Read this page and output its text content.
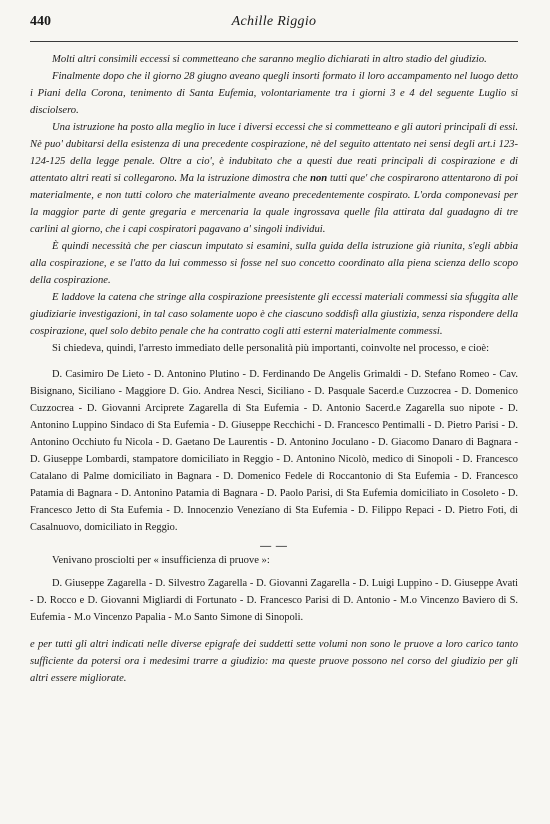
440	Achille Riggio

Molti altri consimili eccessi si commetteano che saranno meglio dichiarati in altro stadio del giudizio.

Finalmente dopo che il giorno 28 giugno aveano quegli insorti formato il loro accampamento nel luogo detto i Piani della Corona, tenimento di Santa Eufemia, volontariamente tra i giorni 3 e 4 del seguente Luglio si disciolsero.

Una istruzione ha posto alla meglio in luce i diversi eccessi che si commetteano e gli autori principali di essi. Nè puo' dubitarsi della esistenza di una precedente cospirazione, nè del seguito attentato nei sensi degli art.i 123-124-125 della legge penale. Oltre a cio', è indubitato che a questi due reati principali di cospirazione e di attentato altri reati si collegarono. Ma la istruzione dimostra che non tutti que' che cospirarono attentarono di poi materialmente, e non tutti coloro che materialmente aveano precedentemente cospirato. L'orda componevasi per la maggior parte di gente gregaria e mercenaria la quale ingrossava quelle fila attirata dal guadagno di tre carlini al giorno, che i capi cospiratori pagavano a' singoli individui.

È quindi necessità che per ciascun imputato si esamini, sulla guida della istruzione già riunita, s'egli abbia alla cospirazione, e se l'atto da lui commesso si fosse nel suo concetto coordinato alla piena scienza dello scopo della cospirazione.

E laddove la catena che stringe alla cospirazione preesistente gli eccessi materiali commessi sia sfuggita alle giudiziarie investigazioni, in tal caso solamente uopo è che ciascuno soddisfi alla giustizia, senza rispondere della cospirazione, quel solo debito penale che ha contratto cogli atti esterni materialmente commessi.

Si chiedeva, quindi, l'arresto immediato delle personalità più importanti, coinvolte nel processo, e cioè:

D. Casimiro De Lieto - D. Antonino Plutino - D. Ferdinando De Angelis Grimaldi - D. Stefano Romeo - Cav. Bisignano, Siciliano - Maggiore D. Gio. Andrea Nesci, Siciliano - D. Pasquale Sacerd.e Cuzzocrea - D. Domenico Cuzzocrea - D. Giovanni Arciprete Zagarella di Sta Eufemia - D. Antonio Sacerd.e Zagarella suo nipote - D. Antonino Luppino Sindaco di Sta Eufemia - D. Giuseppe Recchichi - D. Francesco Pentimalli - D. Pietro Parisi - D. Antonino Occhiuto fu Nicola - D. Gaetano De Laurentis - D. Antonino Joculano - D. Giacomo Danaro di Bagnara - D. Giuseppe Lombardi, stampatore domiciliato in Reggio - D. Antonino Nicolò, medico di Sinopoli - D. Francesco Catalano di Palme domiciliato in Bagnara - D. Domenico Fedele di Roccantonio di Sta Eufemia - D. Francesco Patamia di Bagnara - D. Antonino Patamia di Bagnara - D. Paolo Parisi, di Sta Eufemia domiciliato in Cosoleto - D. Francesco Jetto di Sta Eufemia - D. Innocenzio Venezíano di Sta Eufemia - D. Filippo Repaci - D. Pietro Foti, di Casalnuovo, domiciliato in Reggio.

— —

Venivano prosciolti per « insufficienza di pruove »:

D. Giuseppe Zagarella - D. Silvestro Zagarella - D. Giovanni Zagarella - D. Luigi Luppino - D. Giuseppe Avati - D. Rocco e D. Giovanni Migliardi di Fortunato - D. Francesco Parisi di D. Antonio - M.o Vincenzo Baviero di S. Eufemia - M.o Vincenzo Papalia - M.o Santo Simone di Sinopoli.

e per tutti gli altri indicati nelle diverse epigrafe dei suddetti sette volumi non sono le pruove a loro carico tanto sufficiente da potersi ora i medesimi trarre a giudizio: ma queste pruove possono nel corso del giudizio per gli altri essere migliorate.
